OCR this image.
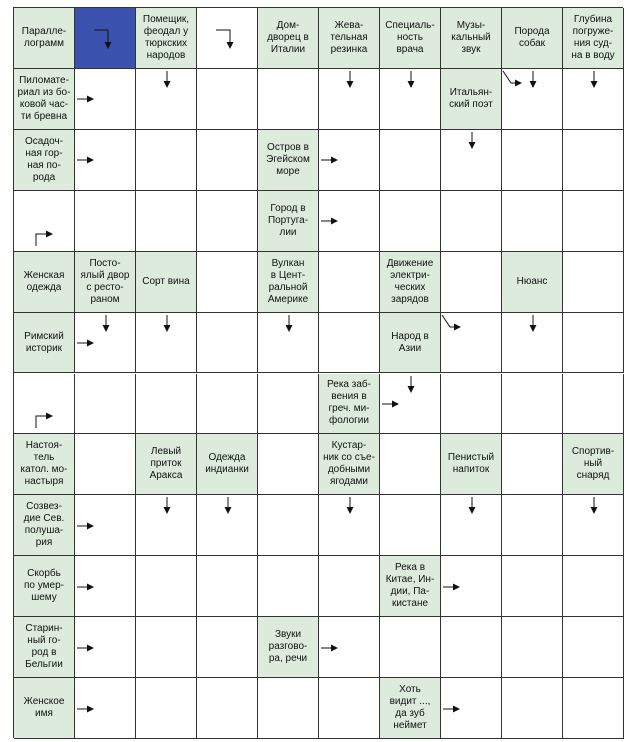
Паралле-
лограмм
Помещик,
феодал у
тюркских
народов
Дом-
дворец в
Италии
Жева-
тельная
резинка
Специаль-
ность
врача
Музы-
кальный
звук
Порода
собак
Глубина
погруже-
ния суд-
на в воду
Пиломате-
риал из бо-
ковой час-
ти бревна
Итальян-
ский поэт
Осадоч-
ная гор-
ная по-
рода
Остров в
Эгейском
море
Город в
Португа-
лии
Женская
одежда
Посто-
ялый двор
с ресто-
раном
Сорт вина
Вулкан
в Цент-
ральной
Америке
Движение
электри-
ческих
зарядов
Нюанс
Римский
историк
Народ в
Азии
Река заб-
вения в
греч. ми-
фологии
Настоя-
тель
катол. мо-
настыря
Левый
приток
Аракса
Одежда
индианки
Кустар-
ник со съе-
добными
ягодами
Пенистый
напиток
Спортив-
ный
снаряд
Созвез-
дие Сев.
полуша-
рия
Скорбь
по умер-
шему
Река в
Китае, Ин-
дии, Па-
кистане
Старин-
ный го-
род в
Бельгии
Звуки
разгово-
ра, речи
Женское
имя
Хоть
видит ...,
да зуб
неймет
